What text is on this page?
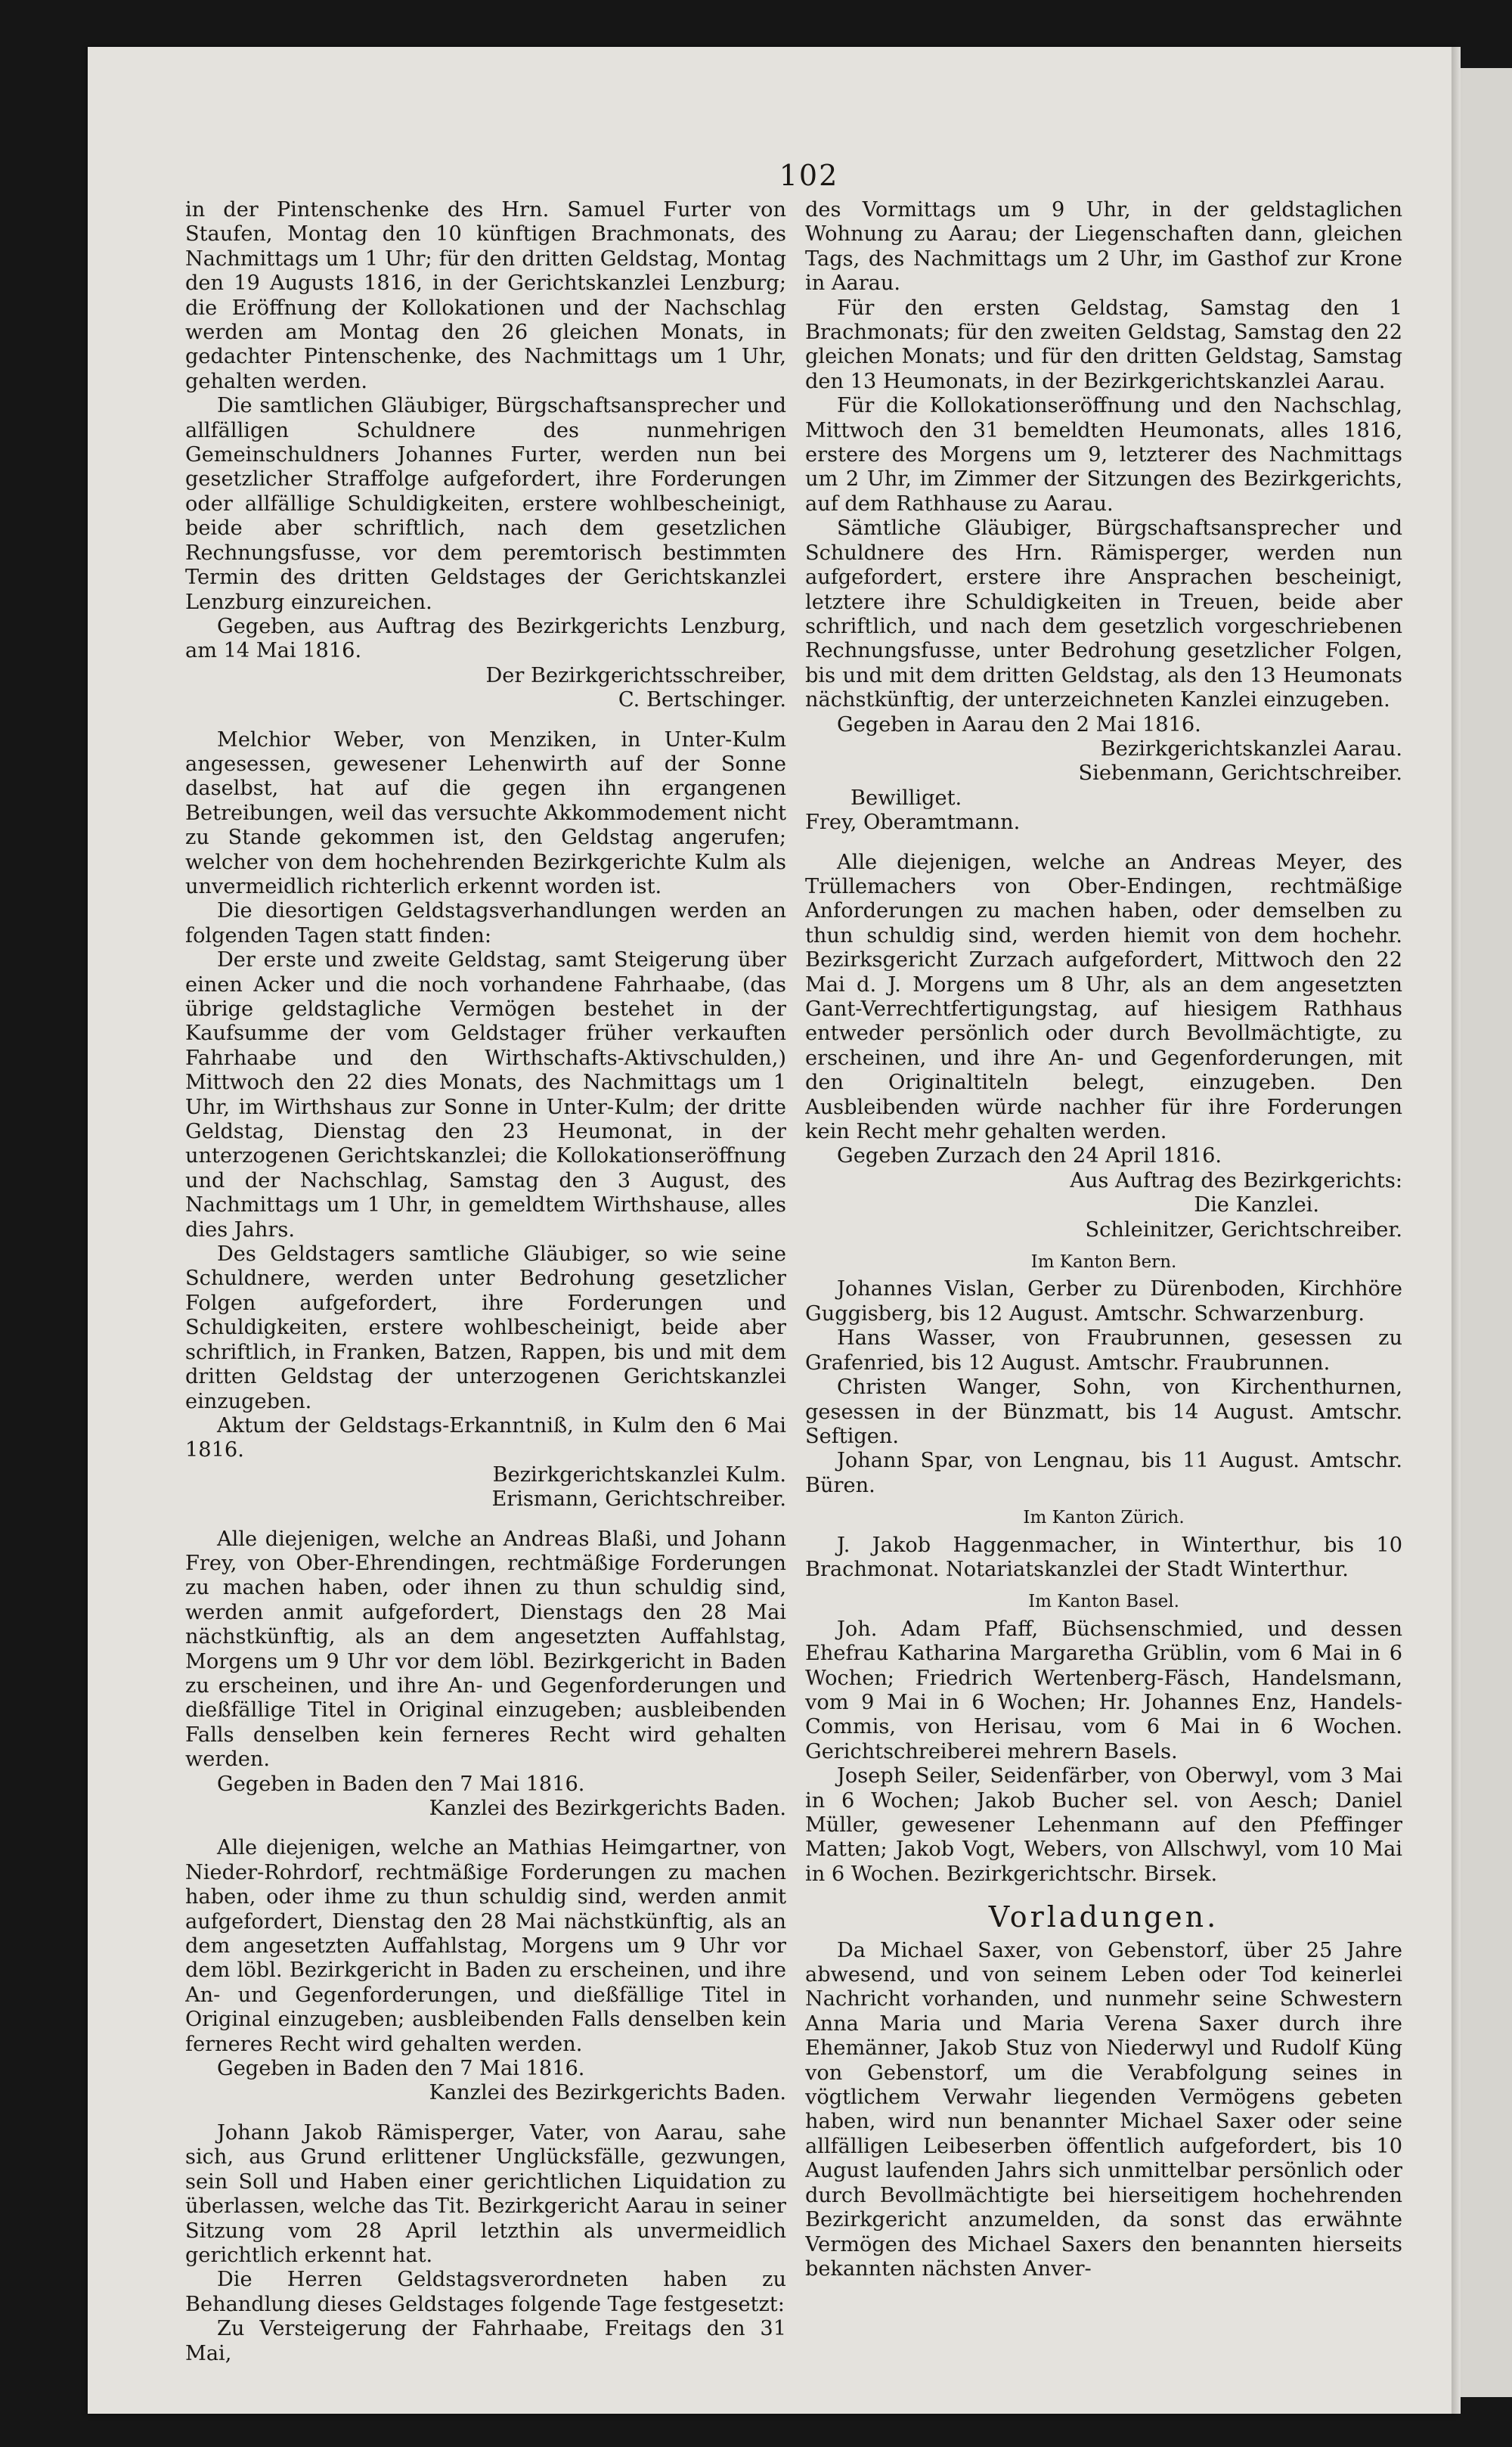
102

in der Pintenschenke des Hrn. Samuel Furter von Staufen, Montag den 10 künftigen Brachmonats, des Nachmittags um 1 Uhr; für den dritten Geldstag, Montag den 19 Augusts 1816, in der Gerichtskanzlei Lenzburg; die Eröffnung der Kollokationen und der Nachschlag werden am Montag den 26 gleichen Monats, in gedachter Pintenschenke, des Nachmittags um 1 Uhr, gehalten werden.

Die samtlichen Gläubiger, Bürgschaftsansprecher und allfälligen Schuldnere des nunmehrigen Gemeinschuldners Johannes Furter, werden nun bei gesetzlicher Straffolge aufgefordert, ihre Forderungen oder allfällige Schuldigkeiten, erstere wohlbescheinigt, beide aber schriftlich, nach dem gesetzlichen Rechnungsfusse, vor dem peremtorisch bestimmten Termin des dritten Geldstages der Gerichtskanzlei Lenzburg einzureichen.

Gegeben, aus Auftrag des Bezirkgerichts Lenzburg, am 14 Mai 1816.

Der Bezirkgerichtsschreiber,

C. Bertschinger.

Melchior Weber, von Menziken, in Unter-Kulm angesessen, gewesener Lehenwirth auf der Sonne daselbst, hat auf die gegen ihn ergangenen Betreibungen, weil das versuchte Akkommodement nicht zu Stande gekommen ist, den Geldstag angerufen; welcher von dem hochehrenden Bezirkgerichte Kulm als unvermeidlich richterlich erkennt worden ist.

Die diesortigen Geldstagsverhandlungen werden an folgenden Tagen statt finden:

Der erste und zweite Geldstag, samt Steigerung über einen Acker und die noch vorhandene Fahrhaabe, (das übrige geldstagliche Vermögen bestehet in der Kaufsumme der vom Geldstager früher verkauften Fahrhaabe und den Wirthschafts-Aktivschulden,) Mittwoch den 22 dies Monats, des Nachmittags um 1 Uhr, im Wirthshaus zur Sonne in Unter-Kulm; der dritte Geldstag, Dienstag den 23 Heumonat, in der unterzogenen Gerichtskanzlei; die Kollokationseröffnung und der Nachschlag, Samstag den 3 August, des Nachmittags um 1 Uhr, in gemeldtem Wirthshause, alles dies Jahrs.

Des Geldstagers samtliche Gläubiger, so wie seine Schuldnere, werden unter Bedrohung gesetzlicher Folgen aufgefordert, ihre Forderungen und Schuldigkeiten, erstere wohlbescheinigt, beide aber schriftlich, in Franken, Batzen, Rappen, bis und mit dem dritten Geldstag der unterzogenen Gerichtskanzlei einzugeben.

Aktum der Geldstags-Erkanntniß, in Kulm den 6 Mai 1816.

Bezirkgerichtskanzlei Kulm.

Erismann, Gerichtschreiber.

Alle diejenigen, welche an Andreas Blaßi, und Johann Frey, von Ober-Ehrendingen, rechtmäßige Forderungen zu machen haben, oder ihnen zu thun schuldig sind, werden anmit aufgefordert, Dienstags den 28 Mai nächstkünftig, als an dem angesetzten Auffahlstag, Morgens um 9 Uhr vor dem löbl. Bezirkgericht in Baden zu erscheinen, und ihre An- und Gegenforderungen und dießfällige Titel in Original einzugeben; ausbleibenden Falls denselben kein ferneres Recht wird gehalten werden.

Gegeben in Baden den 7 Mai 1816.

Kanzlei des Bezirkgerichts Baden.

Alle diejenigen, welche an Mathias Heimgartner, von Nieder-Rohrdorf, rechtmäßige Forderungen zu machen haben, oder ihme zu thun schuldig sind, werden anmit aufgefordert, Dienstag den 28 Mai nächstkünftig, als an dem angesetzten Auffahlstag, Morgens um 9 Uhr vor dem löbl. Bezirkgericht in Baden zu erscheinen, und ihre An- und Gegenforderungen, und dießfällige Titel in Original einzugeben; ausbleibenden Falls denselben kein ferneres Recht wird gehalten werden.

Gegeben in Baden den 7 Mai 1816.

Kanzlei des Bezirkgerichts Baden.

Johann Jakob Rämisperger, Vater, von Aarau, sahe sich, aus Grund erlittener Unglücksfälle, gezwungen, sein Soll und Haben einer gerichtlichen Liquidation zu überlassen, welche das Tit. Bezirkgericht Aarau in seiner Sitzung vom 28 April letzthin als unvermeidlich gerichtlich erkennt hat.

Die Herren Geldstagsverordneten haben zu Behandlung dieses Geldstages folgende Tage festgesetzt:

Zu Versteigerung der Fahrhaabe, Freitags den 31 Mai,

des Vormittags um 9 Uhr, in der geldstaglichen Wohnung zu Aarau; der Liegenschaften dann, gleichen Tags, des Nachmittags um 2 Uhr, im Gasthof zur Krone in Aarau.

Für den ersten Geldstag, Samstag den 1 Brachmonats; für den zweiten Geldstag, Samstag den 22 gleichen Monats; und für den dritten Geldstag, Samstag den 13 Heumonats, in der Bezirkgerichtskanzlei Aarau.

Für die Kollokationseröffnung und den Nachschlag, Mittwoch den 31 bemeldten Heumonats, alles 1816, erstere des Morgens um 9, letzterer des Nachmittags um 2 Uhr, im Zimmer der Sitzungen des Bezirkgerichts, auf dem Rathhause zu Aarau.

Sämtliche Gläubiger, Bürgschaftsansprecher und Schuldnere des Hrn. Rämisperger, werden nun aufgefordert, erstere ihre Ansprachen bescheinigt, letztere ihre Schuldigkeiten in Treuen, beide aber schriftlich, und nach dem gesetzlich vorgeschriebenen Rechnungsfusse, unter Bedrohung gesetzlicher Folgen, bis und mit dem dritten Geldstag, als den 13 Heumonats nächstkünftig, der unterzeichneten Kanzlei einzugeben.

Gegeben in Aarau den 2 Mai 1816.

Bezirkgerichtskanzlei Aarau.

Siebenmann, Gerichtschreiber.

Bewilliget.

Frey, Oberamtmann.

Alle diejenigen, welche an Andreas Meyer, des Trüllemachers von Ober-Endingen, rechtmäßige Anforderungen zu machen haben, oder demselben zu thun schuldig sind, werden hiemit von dem hochehr. Bezirksgericht Zurzach aufgefordert, Mittwoch den 22 Mai d. J. Morgens um 8 Uhr, als an dem angesetzten Gant-Verrechtfertigungstag, auf hiesigem Rathhaus entweder persönlich oder durch Bevollmächtigte, zu erscheinen, und ihre An- und Gegenforderungen, mit den Originaltiteln belegt, einzugeben. Den Ausbleibenden würde nachher für ihre Forderungen kein Recht mehr gehalten werden.

Gegeben Zurzach den 24 April 1816.

Aus Auftrag des Bezirkgerichts:

Die Kanzlei.

Schleinitzer, Gerichtschreiber.

Im Kanton Bern.

Johannes Vislan, Gerber zu Dürenboden, Kirchhöre Guggisberg, bis 12 August. Amtschr. Schwarzenburg.

Hans Wasser, von Fraubrunnen, gesessen zu Grafenried, bis 12 August. Amtschr. Fraubrunnen.

Christen Wanger, Sohn, von Kirchenthurnen, gesessen in der Bünzmatt, bis 14 August. Amtschr. Seftigen.

Johann Spar, von Lengnau, bis 11 August. Amtschr. Büren.

Im Kanton Zürich.

J. Jakob Haggenmacher, in Winterthur, bis 10 Brachmonat. Notariatskanzlei der Stadt Winterthur.

Im Kanton Basel.

Joh. Adam Pfaff, Büchsenschmied, und dessen Ehefrau Katharina Margaretha Grüblin, vom 6 Mai in 6 Wochen; Friedrich Wertenberg-Fäsch, Handelsmann, vom 9 Mai in 6 Wochen; Hr. Johannes Enz, Handels-Commis, von Herisau, vom 6 Mai in 6 Wochen. Gerichtschreiberei mehrern Basels.

Joseph Seiler, Seidenfärber, von Oberwyl, vom 3 Mai in 6 Wochen; Jakob Bucher sel. von Aesch; Daniel Müller, gewesener Lehenmann auf den Pfeffinger Matten; Jakob Vogt, Webers, von Allschwyl, vom 10 Mai in 6 Wochen. Bezirkgerichtschr. Birsek.

Vorladungen.

Da Michael Saxer, von Gebenstorf, über 25 Jahre abwesend, und von seinem Leben oder Tod keinerlei Nachricht vorhanden, und nunmehr seine Schwestern Anna Maria und Maria Verena Saxer durch ihre Ehemänner, Jakob Stuz von Niederwyl und Rudolf Küng von Gebenstorf, um die Verabfolgung seines in vögtlichem Verwahr liegenden Vermögens gebeten haben, wird nun benannter Michael Saxer oder seine allfälligen Leibeserben öffentlich aufgefordert, bis 10 August laufenden Jahrs sich unmittelbar persönlich oder durch Bevollmächtigte bei hierseitigem hochehrenden Bezirkgericht anzumelden, da sonst das erwähnte Vermögen des Michael Saxers den benannten hierseits bekannten nächsten Anver-
